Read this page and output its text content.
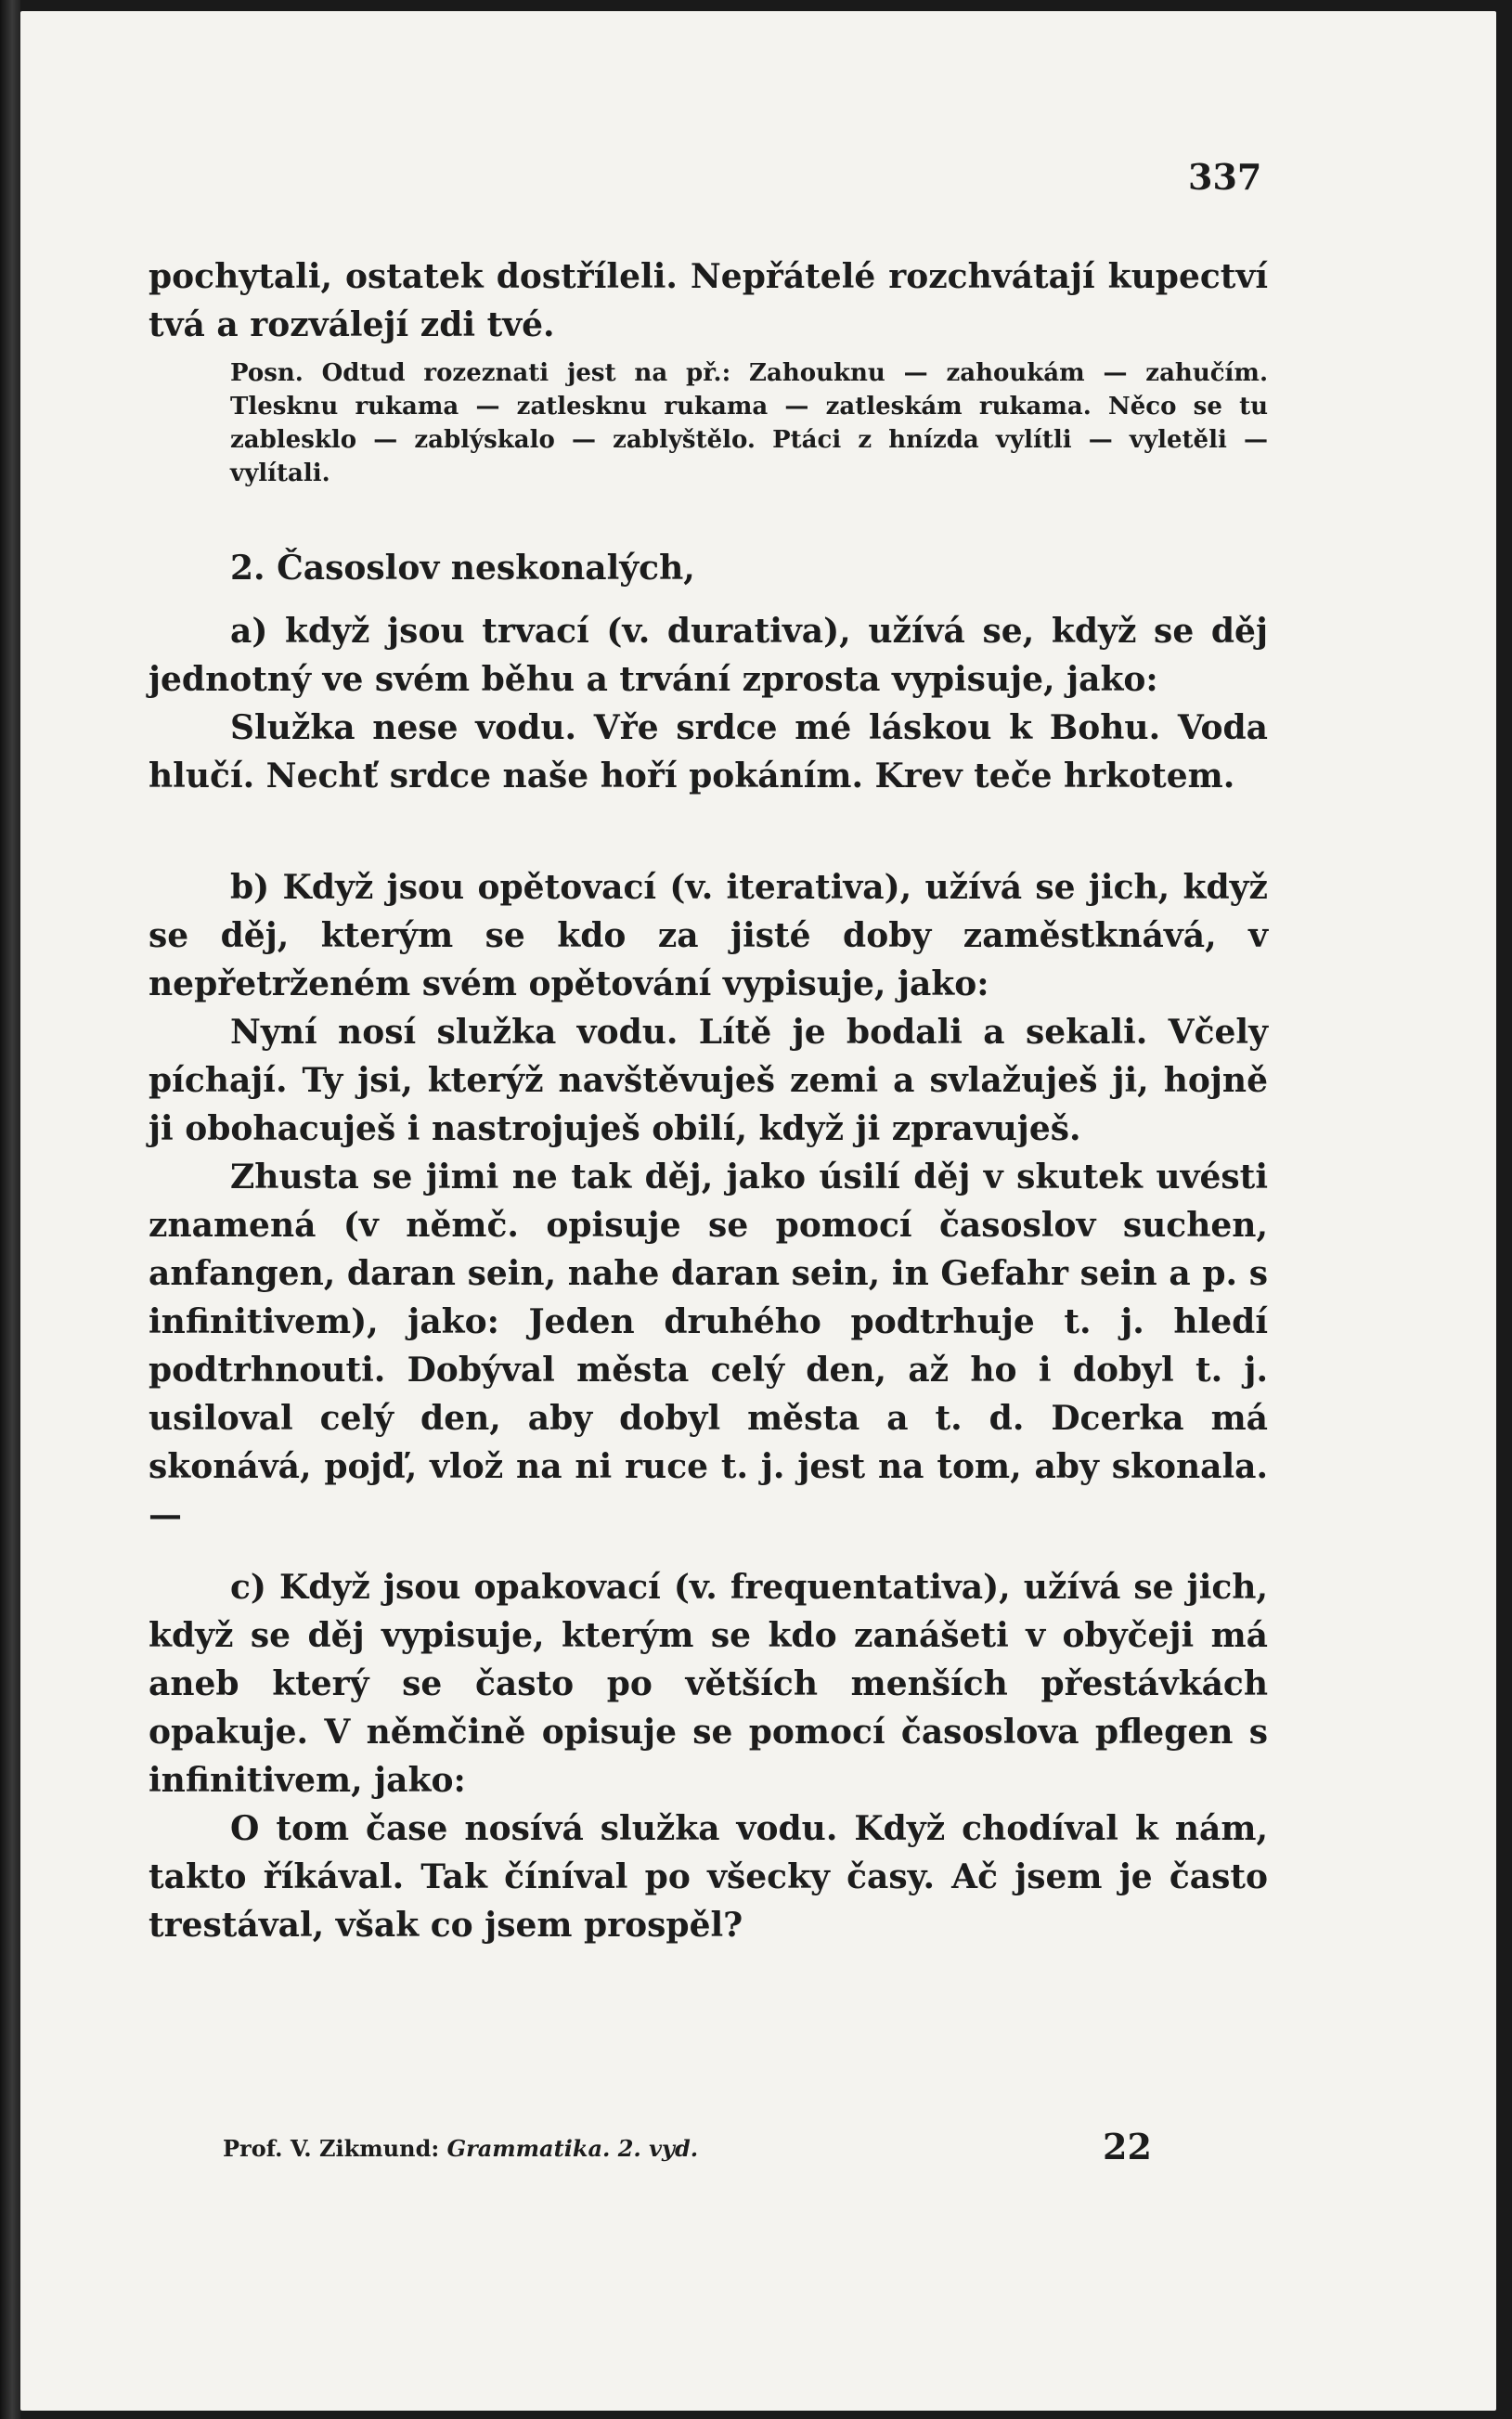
337

pochytali, ostatek dostříleli. Nepřátelé rozchvátají kupectví tvá a rozválejí zdi tvé.

Posn. Odtud rozeznati jest na př.: Zahouknu — zahoukám — zahučím. Tlesknu rukama — zatlesknu rukama — zatleskám rukama. Něco se tu zablesklo — zablýskalo — zablyštělo. Ptáci z hnízda vylítli — vyletěli — vylítali.

2. Časoslov neskonalých,

a) když jsou trvací (v. durativa), užívá se, když se děj jednotný ve svém běhu a trvání zprosta vypisuje, jako:

Služka nese vodu. Vře srdce mé láskou k Bohu. Voda hlučí. Nechť srdce naše hoří pokáním. Krev teče hrkotem.

b) Když jsou opětovací (v. iterativa), užívá se jich, když se děj, kterým se kdo za jisté doby zaměstknává, v nepřetrženém svém opětování vypisuje, jako:

Nyní nosí služka vodu. Lítě je bodali a sekali. Včely píchají. Ty jsi, kterýž navštěvuješ zemi a svlažuješ ji, hojně ji obohacuješ i nastrojuješ obilí, když ji zpravuješ.

Zhusta se jimi ne tak děj, jako úsilí děj v skutek uvésti znamená (v němč. opisuje se pomocí časoslov suchen, anfangen, daran sein, nahe daran sein, in Gefahr sein a p. s infinitivem), jako: Jeden druhého podtrhuje t. j. hledí podtrhnouti. Dobýval města celý den, až ho i dobyl t. j. usiloval celý den, aby dobyl města a t. d. Dcerka má skonává, pojď, vlož na ni ruce t. j. jest na tom, aby skonala. —

c) Když jsou opakovací (v. frequentativa), užívá se jich, když se děj vypisuje, kterým se kdo zanášeti v obyčeji má aneb který se často po větších menších přestávkách opakuje. V němčině opisuje se pomocí časoslova pflegen s infinitivem, jako:

O tom čase nosívá služka vodu. Když chodíval k nám, takto říkával. Tak číníval po všecky časy. Ač jsem je často trestával, však co jsem prospěl?

Prof. V. Zikmund: Grammatika. 2. vyd.	22
